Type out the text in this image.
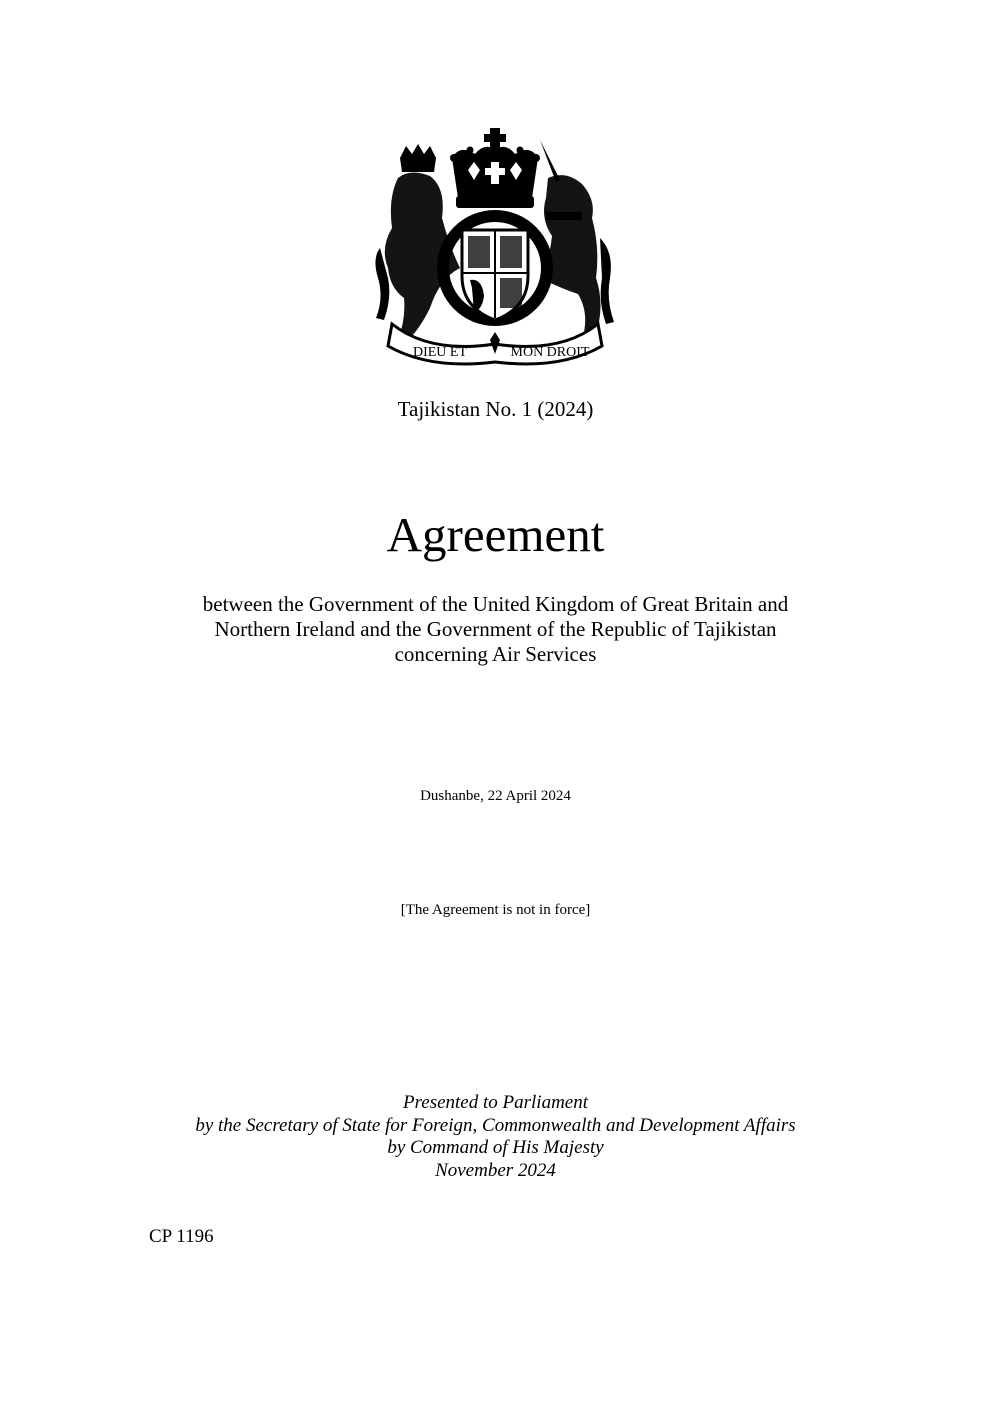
DIEU ET	MON DROIT
Tajikistan No. 1 (2024)
Agreement
between the Government of the United Kingdom of Great Britain and
Northern Ireland and the Government of the Republic of Tajikistan
concerning Air Services
Dushanbe, 22 April 2024
[The Agreement is not in force]
Presented to Parliament
by the Secretary of State for Foreign, Commonwealth and Development Affairs
by Command of His Majesty
November 2024
CP 1196
